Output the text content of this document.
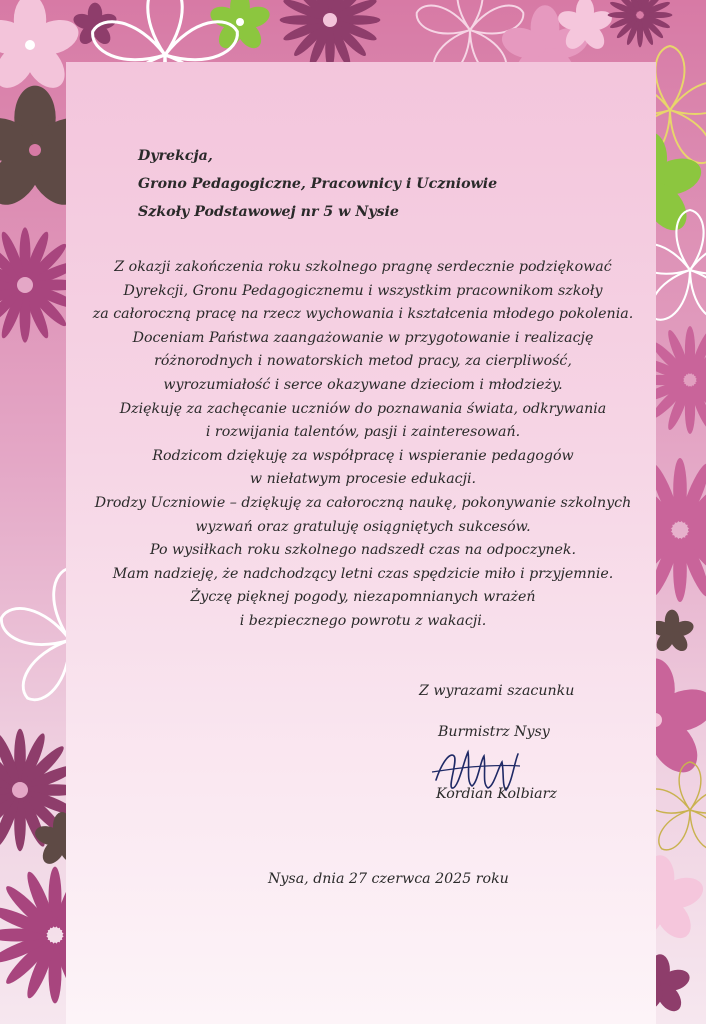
Dyrekcja,
Grono Pedagogiczne, Pracownicy i Uczniowie
Szkoły Podstawowej nr 5 w Nysie
Z okazji zakończenia roku szkolnego pragnę serdecznie podziękować
Dyrekcji, Gronu Pedagogicznemu i wszystkim pracownikom szkoły
za całoroczną pracę na rzecz wychowania i kształcenia młodego pokolenia.
Doceniam Państwa zaangażowanie w przygotowanie i realizację
różnorodnych i nowatorskich metod pracy, za cierpliwość,
wyrozumiałość i serce okazywane dzieciom i młodzieży.
Dziękuję za zachęcanie uczniów do poznawania świata, odkrywania
i rozwijania talentów, pasji i zainteresowań.
Rodzicom dziękuję za współpracę i wspieranie pedagogów
w niełatwym procesie edukacji.
Drodzy Uczniowie – dziękuję za całoroczną naukę, pokonywanie szkolnych
wyzwań oraz gratuluję osiągniętych sukcesów.
Po wysiłkach roku szkolnego nadszedł czas na odpoczynek.
Mam nadzieję, że nadchodzący letni czas spędzicie miło i przyjemnie.
Życzę pięknej pogody, niezapomnianych wrażeń
i bezpiecznego powrotu z wakacji.
Z wyrazami szacunku
Burmistrz Nysy
Kordian Kolbiarz
Nysa, dnia 27 czerwca 2025 roku
